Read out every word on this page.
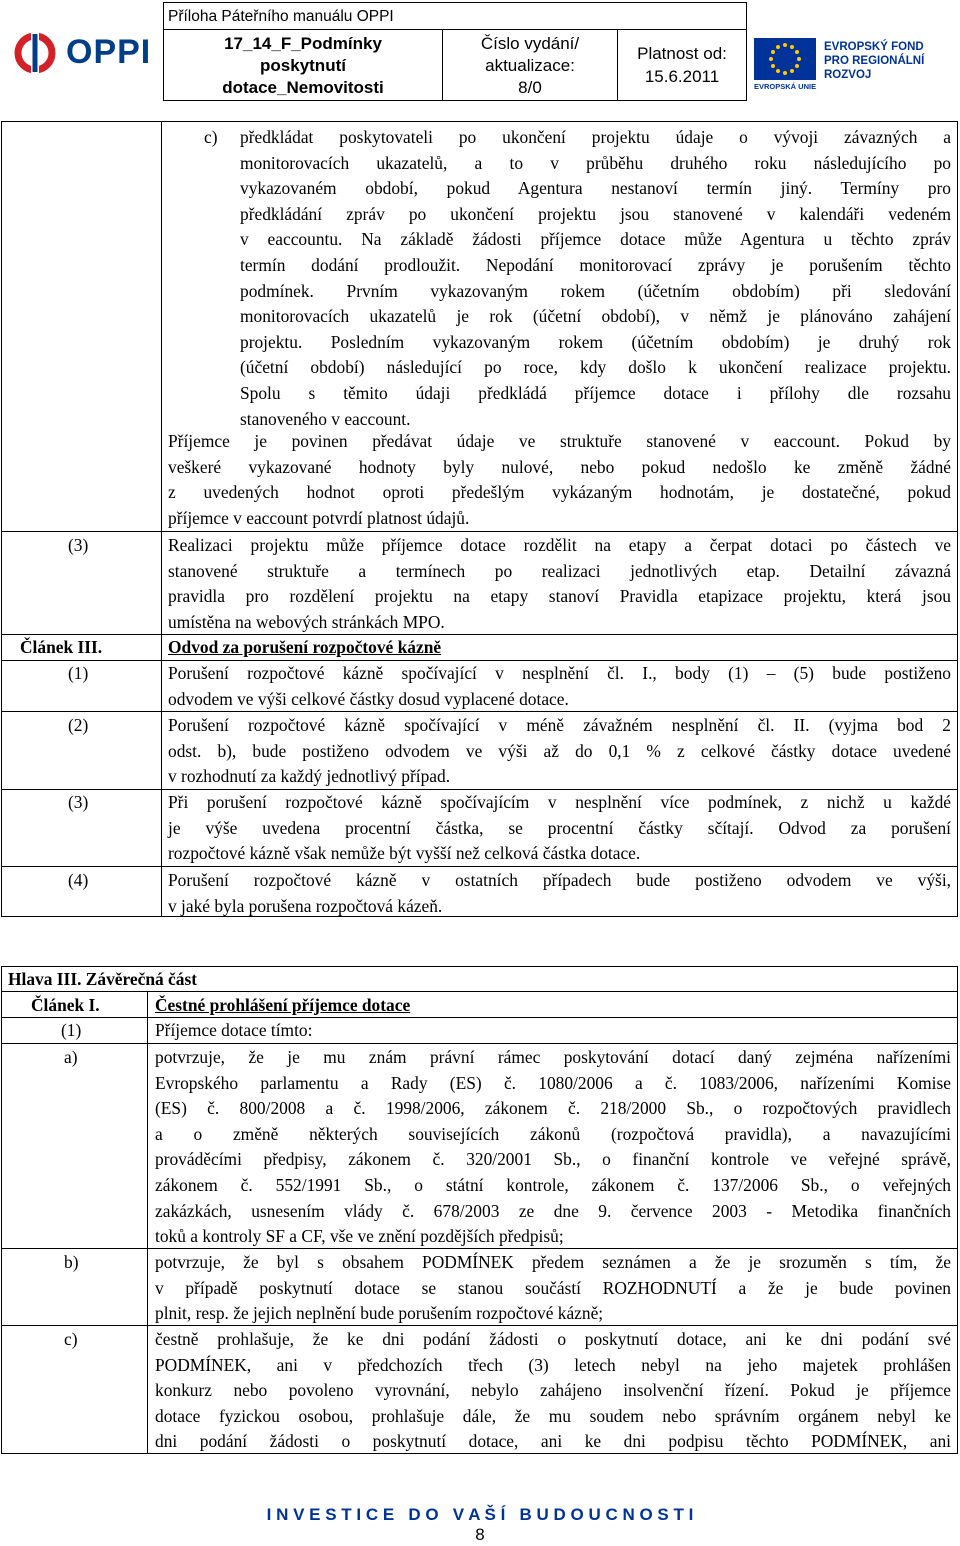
OPPI
Příloha Páteřního manuálu OPPI
17_14_F_Podmínky
poskytnutí
dotace_Nemovitosti
Číslo vydání/
aktualizace:
8/0
Platnost od:
15.6.2011
EVROPSKÁ UNIE
EVROPSKÝ FOND
PRO REGIONÁLNÍ
ROZVOJ
c) předkládat poskytovateli po ukončení projektu údaje o vývoji závazných a
monitorovacích ukazatelů, a to v průběhu druhého roku následujícího po
vykazovaném období, pokud Agentura nestanoví termín jiný. Termíny pro
předkládání zpráv po ukončení projektu jsou stanovené v kalendáři vedeném
v eaccountu. Na základě žádosti příjemce dotace může Agentura u těchto zpráv
termín dodání prodloužit. Nepodání monitorovací zprávy je porušením těchto
podmínek. Prvním vykazovaným rokem (účetním obdobím) při sledování
monitorovacích ukazatelů je rok (účetní období), v němž je plánováno zahájení
projektu. Posledním vykazovaným rokem (účetním obdobím) je druhý rok
(účetní období) následující po roce, kdy došlo k ukončení realizace projektu.
Spolu s těmito údaji předkládá příjemce dotace i přílohy dle rozsahu
stanoveného v eaccount.
Příjemce je povinen předávat údaje ve struktuře stanovené v eaccount. Pokud by
veškeré vykazované hodnoty byly nulové, nebo pokud nedošlo ke změně žádné
z uvedených hodnot oproti předešlým vykázaným hodnotám, je dostatečné, pokud
příjemce v eaccount potvrdí platnost údajů.
(3)	Realizaci projektu může příjemce dotace rozdělit na etapy a čerpat dotaci po částech ve
stanovené struktuře a termínech po realizaci jednotlivých etap. Detailní závazná
pravidla pro rozdělení projektu na etapy stanoví Pravidla etapizace projektu, která jsou
umístěna na webových stránkách MPO.
Článek III.	Odvod za porušení rozpočtové kázně
(1)	Porušení rozpočtové kázně spočívající v nesplnění čl. I., body (1) – (5) bude postiženo
odvodem ve výši celkové částky dosud vyplacené dotace.
(2)	Porušení rozpočtové kázně spočívající v méně závažném nesplnění čl. II. (vyjma bod 2
odst. b), bude postiženo odvodem ve výši až do 0,1 % z celkové částky dotace uvedené
v rozhodnutí za každý jednotlivý případ.
(3)	Při porušení rozpočtové kázně spočívajícím v nesplnění více podmínek, z nichž u každé
je výše uvedena procentní částka, se procentní částky sčítají. Odvod za porušení
rozpočtové kázně však nemůže být vyšší než celková částka dotace.
(4)	Porušení rozpočtové kázně v ostatních případech bude postiženo odvodem ve výši,
v jaké byla porušena rozpočtová kázeň.
Hlava III. Závěrečná část
Článek I.	Čestné prohlášení příjemce dotace
(1)	Příjemce dotace tímto:
a)	potvrzuje, že je mu znám právní rámec poskytování dotací daný zejména nařízeními
Evropského parlamentu a Rady (ES) č. 1080/2006 a č. 1083/2006, nařízeními Komise
(ES) č. 800/2008 a č. 1998/2006, zákonem č. 218/2000 Sb., o rozpočtových pravidlech
a o změně některých souvisejících zákonů (rozpočtová pravidla), a navazujícími
prováděcími předpisy, zákonem č. 320/2001 Sb., o finanční kontrole ve veřejné správě,
zákonem č. 552/1991 Sb., o státní kontrole, zákonem č. 137/2006 Sb., o veřejných
zakázkách, usnesením vlády č. 678/2003 ze dne 9. července 2003 - Metodika finančních
toků a kontroly SF a CF, vše ve znění pozdějších předpisů;
b)	potvrzuje, že byl s obsahem PODMÍNEK předem seznámen a že je srozuměn s tím, že
v případě poskytnutí dotace se stanou součástí ROZHODNUTÍ a že je bude povinen
plnit, resp. že jejich neplnění bude porušením rozpočtové kázně;
c)	čestně prohlašuje, že ke dni podání žádosti o poskytnutí dotace, ani ke dni podání své
PODMÍNEK, ani v předchozích třech (3) letech nebyl na jeho majetek prohlášen
konkurz nebo povoleno vyrovnání, nebylo zahájeno insolvenční řízení. Pokud je příjemce
dotace fyzickou osobou, prohlašuje dále, že mu soudem nebo správním orgánem nebyl ke
dni podání žádosti o poskytnutí dotace, ani ke dni podpisu těchto PODMÍNEK, ani
I N V E S T I C E   D O   V A Š Í   B U D O U C N O S T I
8
